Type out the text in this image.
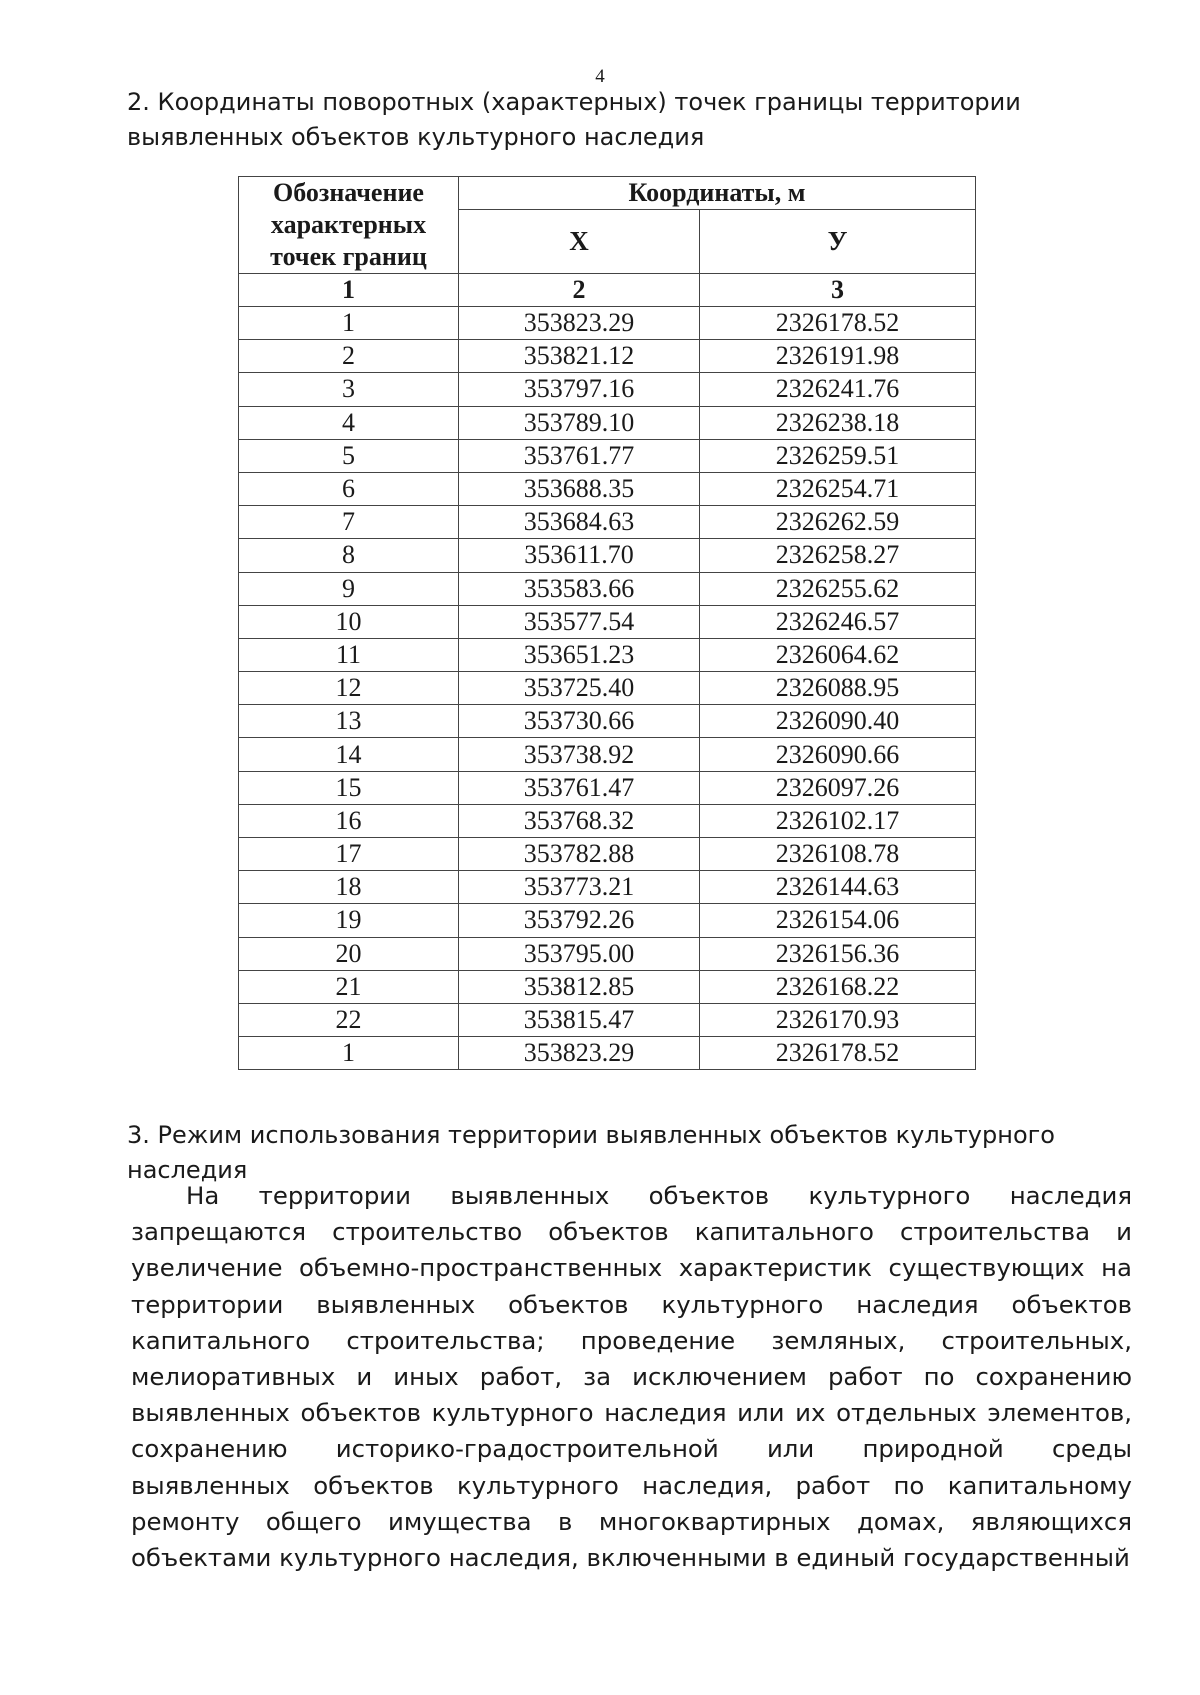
4
2. Координаты поворотных (характерных) точек границы территории выявленных объектов культурного наследия
Обозначение характерных точек границ	Координаты, м	
	X	У
1	2	3
1	353823.29	2326178.52
2	353821.12	2326191.98
3	353797.16	2326241.76
4	353789.10	2326238.18
5	353761.77	2326259.51
6	353688.35	2326254.71
7	353684.63	2326262.59
8	353611.70	2326258.27
9	353583.66	2326255.62
10	353577.54	2326246.57
11	353651.23	2326064.62
12	353725.40	2326088.95
13	353730.66	2326090.40
14	353738.92	2326090.66
15	353761.47	2326097.26
16	353768.32	2326102.17
17	353782.88	2326108.78
18	353773.21	2326144.63
19	353792.26	2326154.06
20	353795.00	2326156.36
21	353812.85	2326168.22
22	353815.47	2326170.93
1	353823.29	2326178.52
3. Режим использования территории выявленных объектов культурного наследия
На территории выявленных объектов культурного наследия запрещаются строительство объектов капитального строительства и увеличение объемно-пространственных характеристик существующих на территории выявленных объектов культурного наследия объектов капитального строительства; проведение земляных, строительных, мелиоративных и иных работ, за исключением работ по сохранению выявленных объектов культурного наследия или их отдельных элементов, сохранению историко-градостроительной или природной среды выявленных объектов культурного наследия, работ по капитальному ремонту общего имущества в многоквартирных домах, являющихся объектами культурного наследия, включенными в единый государственный
